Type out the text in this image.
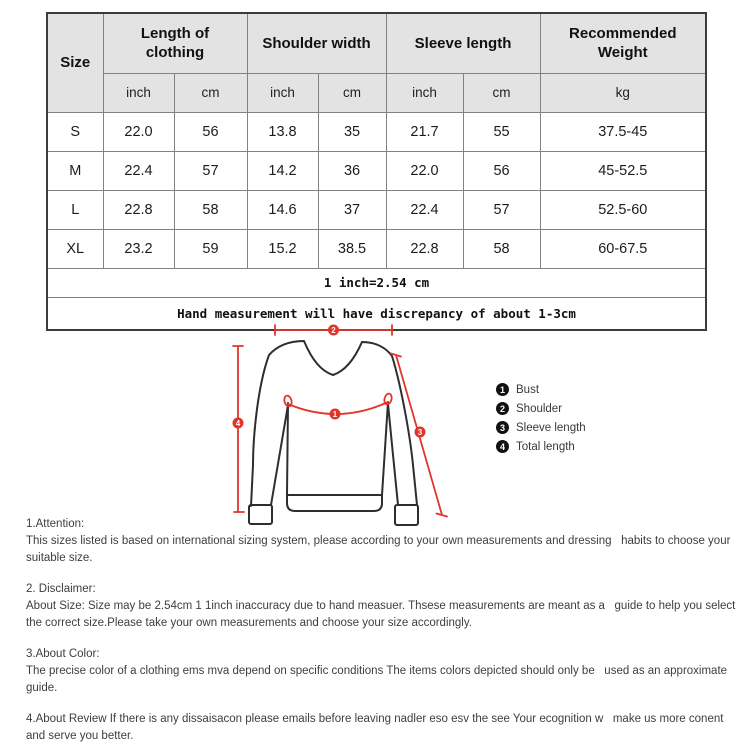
Size	Length of clothing		Shoulder width		Sleeve length		Recommended Weight
	inch	cm	inch	cm	inch	cm	kg
S	22.0	56	13.8	35	21.7	55	37.5-45
M	22.4	57	14.2	36	22.0	56	45-52.5
L	22.8	58	14.6	37	22.4	57	52.5-60
XL	23.2	59	15.2	38.5	22.8	58	60-67.5
1 inch=2.54 cm							
Hand measurement will have discrepancy of about 1-3cm							
2
4
1
3
1 Bust
2 Shoulder
3 Sleeve length
4 Total length
1.Attention:
This sizes listed is based on international sizing system, please according to your own measurements and dressing   habits to choose your suitable size.
2. Disclaimer:
About Size: Size may be 2.54cm 1 1inch inaccuracy due to hand measuer. Thsese measurements are meant as a   guide to help you select the correct size.Please take your own measurements and choose your size accordingly.
3.About Color:
The precise color of a clothing ems mva depend on specific conditions The items colors depicted should only be   used as an approximate guide.
4.About Review If there is any dissaisacon please emails before leaving nadler eso esv the see Your ecognition w   make us more conent and serve you better.
